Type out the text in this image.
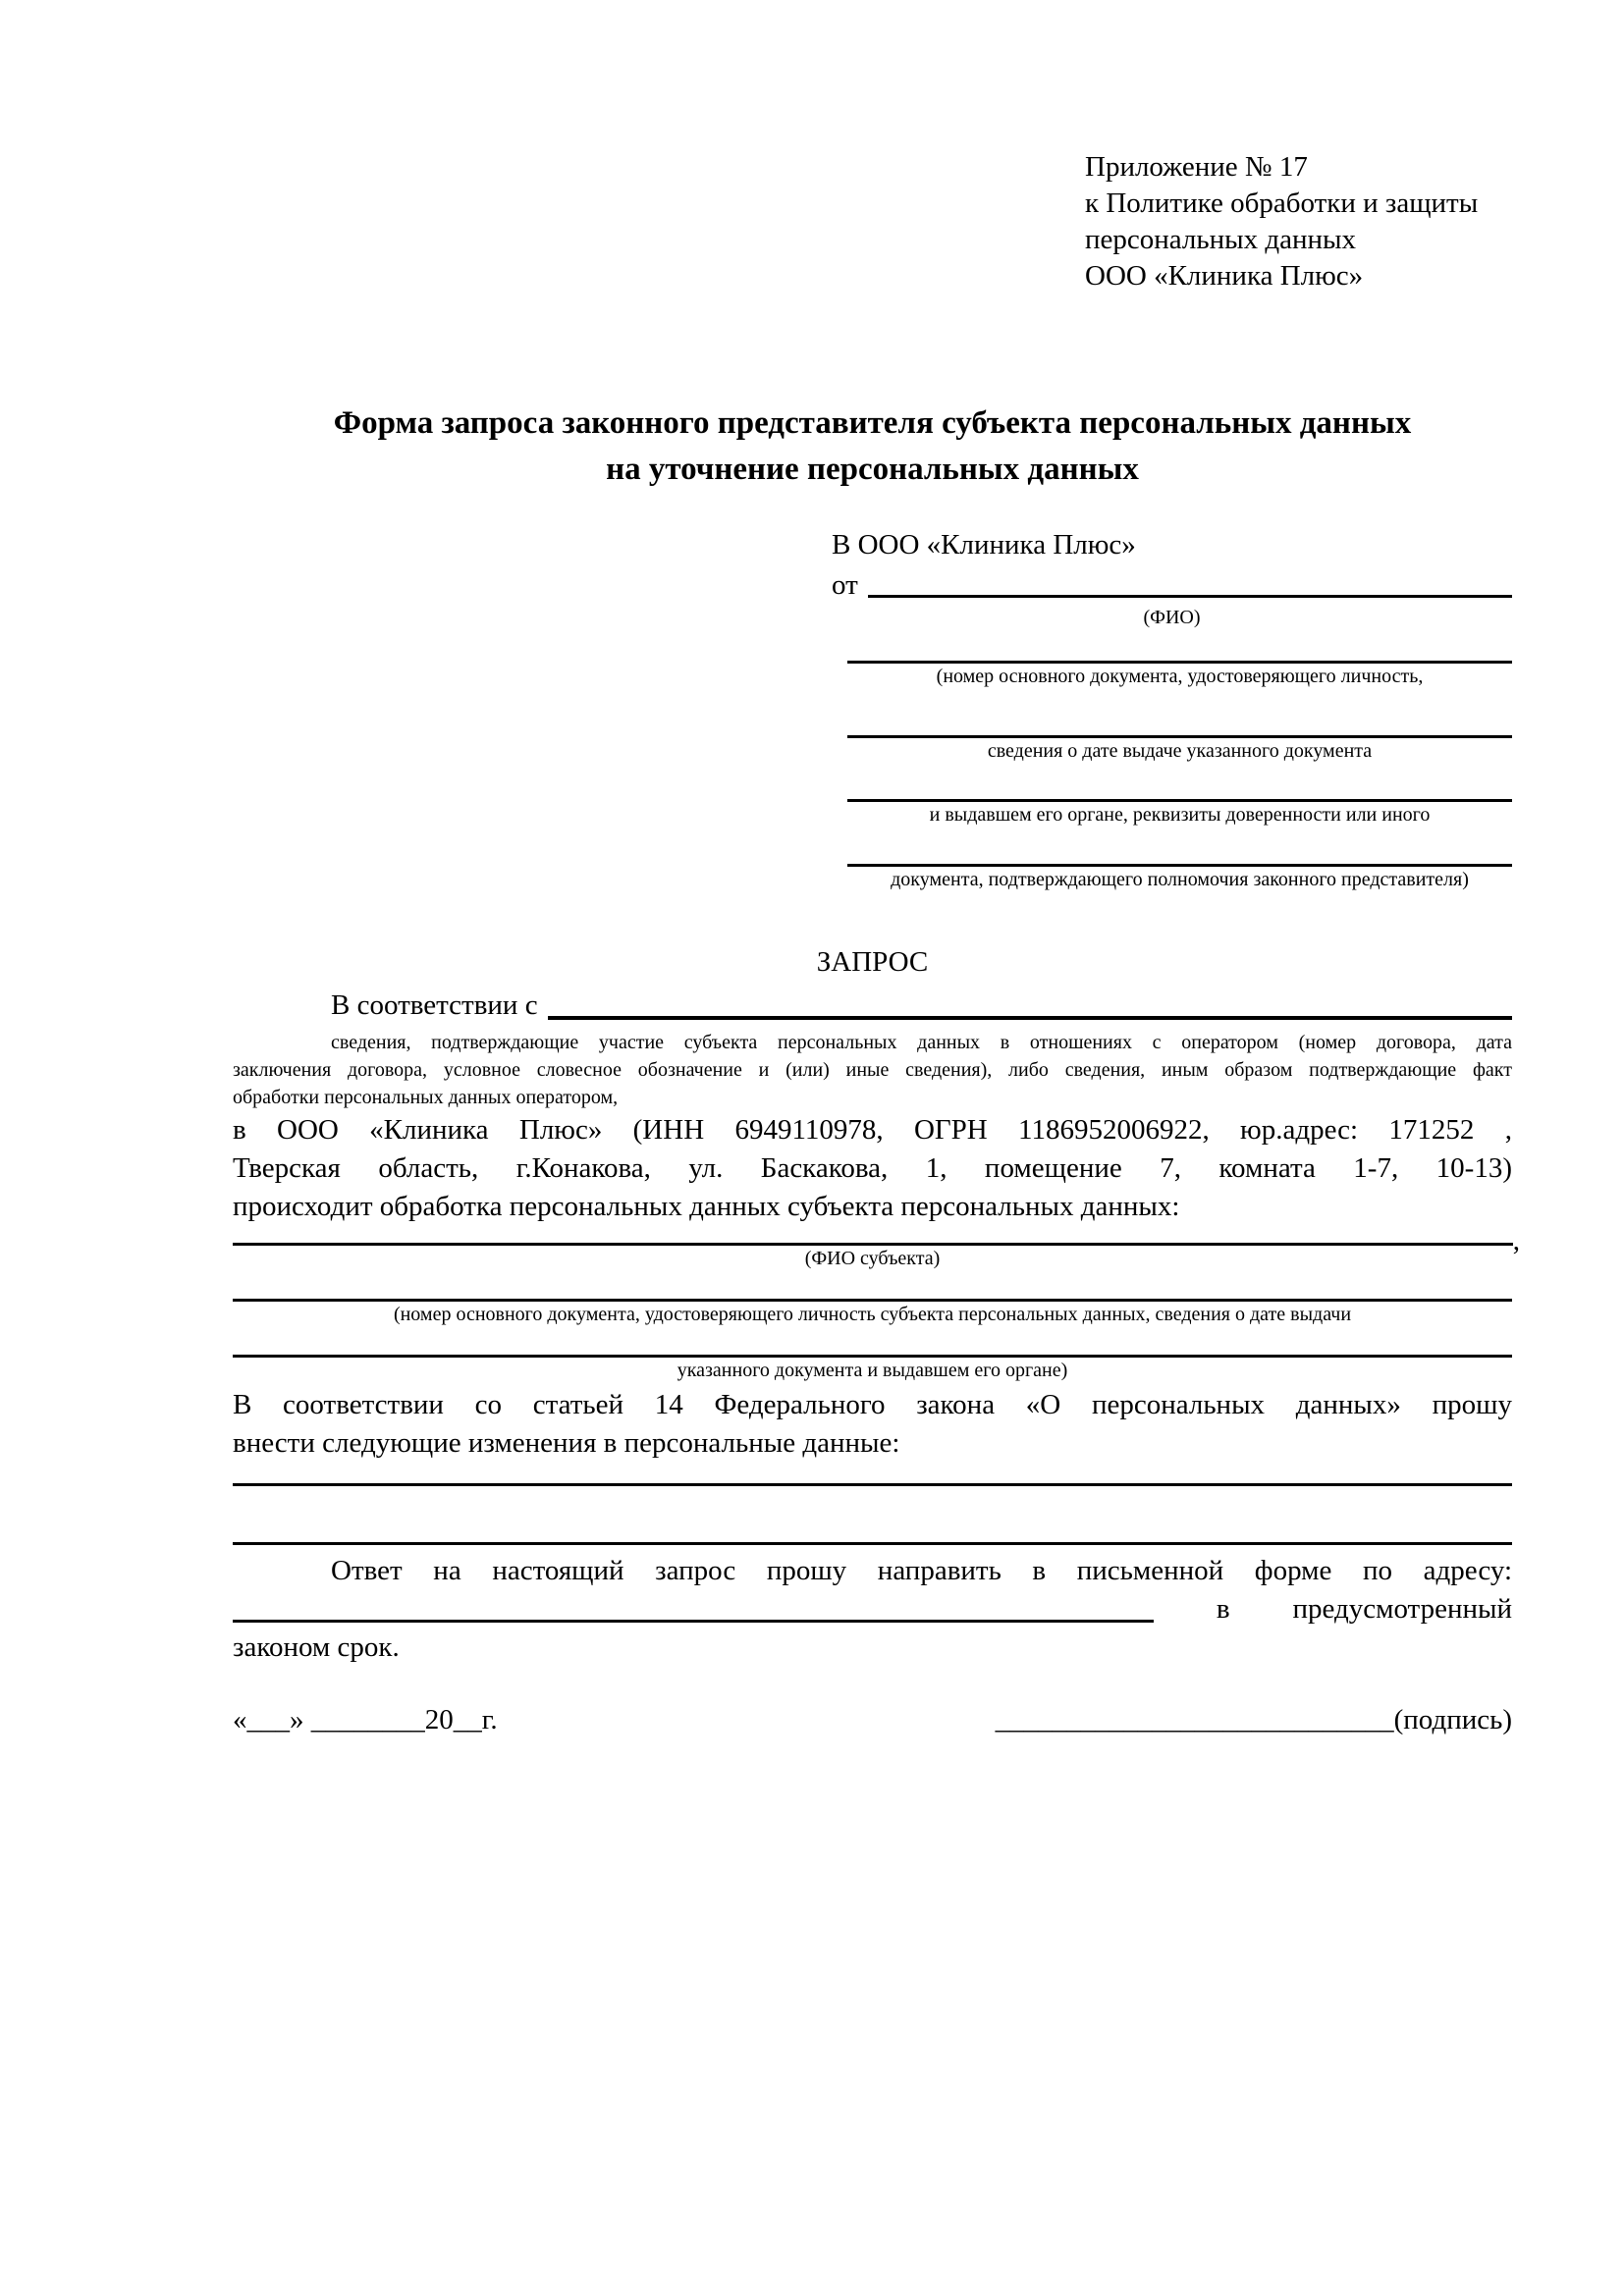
Приложение № 17
к Политике обработки и защиты
персональных данных
ООО «Клиника Плюс»
Форма запроса законного представителя субъекта персональных данных
на уточнение персональных данных
В ООО «Клиника Плюс»
от
(ФИО)
(номер основного документа, удостоверяющего личность,
сведения о дате выдаче указанного документа
и выдавшем его органе, реквизиты доверенности или иного
документа, подтверждающего полномочия законного представителя)
ЗАПРОС
В соответствии с
сведения, подтверждающие участие субъекта персональных данных в отношениях с оператором (номер договора, дата
заключения договора, условное словесное обозначение и (или) иные сведения), либо сведения, иным образом подтверждающие факт
обработки персональных данных оператором,
в ООО «Клиника Плюс» (ИНН 6949110978, ОГРН 1186952006922, юр.адрес: 171252 ,
Тверская область, г.Конакова, ул. Баскакова, 1, помещение 7, комната 1-7, 10-13)
происходит обработка персональных данных субъекта персональных данных:
,
(ФИО субъекта)
(номер основного документа, удостоверяющего личность субъекта персональных данных, сведения о дате выдачи
указанного документа и выдавшем его органе)
В соответствии со статьей 14 Федерального закона «О персональных данных» прошу
внести следующие изменения в персональные данные:
Ответ на настоящий запрос прошу направить в письменной форме по адресу:
в предусмотренный
законом срок.
«___» ________20__г.	____________________________(подпись)
